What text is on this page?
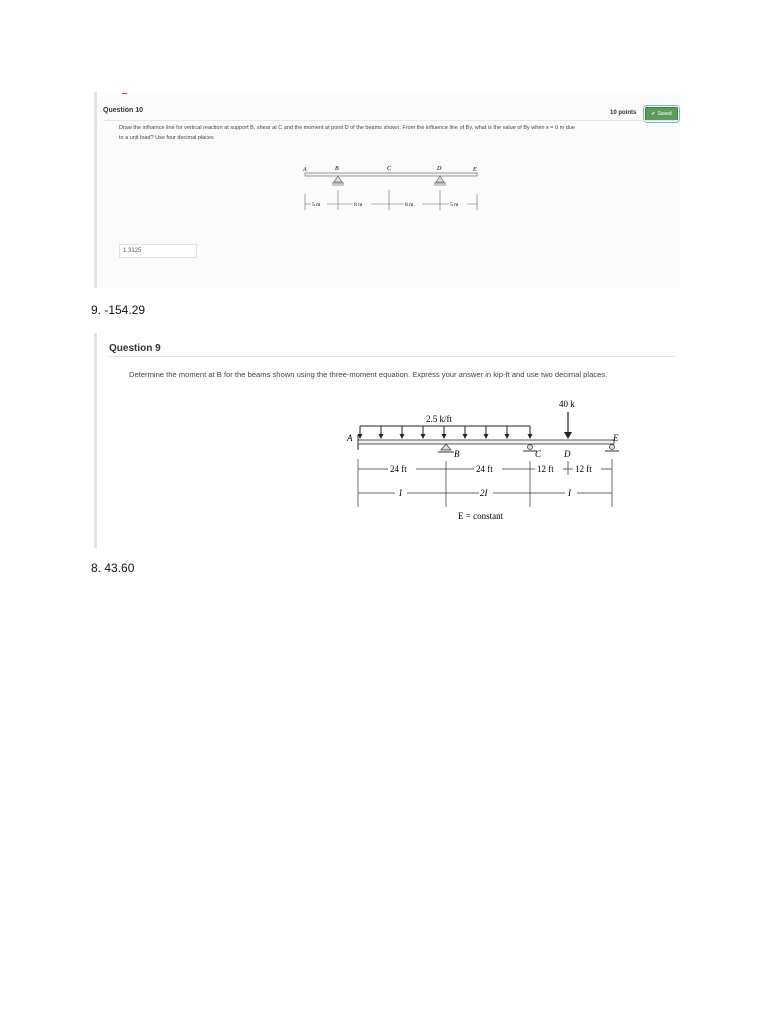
Question 10	10 points	✔ Saved
Draw the influence line for vertical reaction at support B, shear at C and the moment at point D of the beams shown. From the influence line of By, what is the value of By when x = 0 m due
to a unit load? Use four decimal places
A	B	C	D	E
5 m	8 m	8 m	5 m
1.3125
9. -154.29
Question 9
Determine the moment at B for the beams shown using the three-moment equation. Express your answer in kip-ft and use two decimal places.
40 k
2.5 k/ft
A
B	C	D
E
24 ft	24 ft	12 ft 12 ft
I	2I	I
E = constant
8. 43.60
